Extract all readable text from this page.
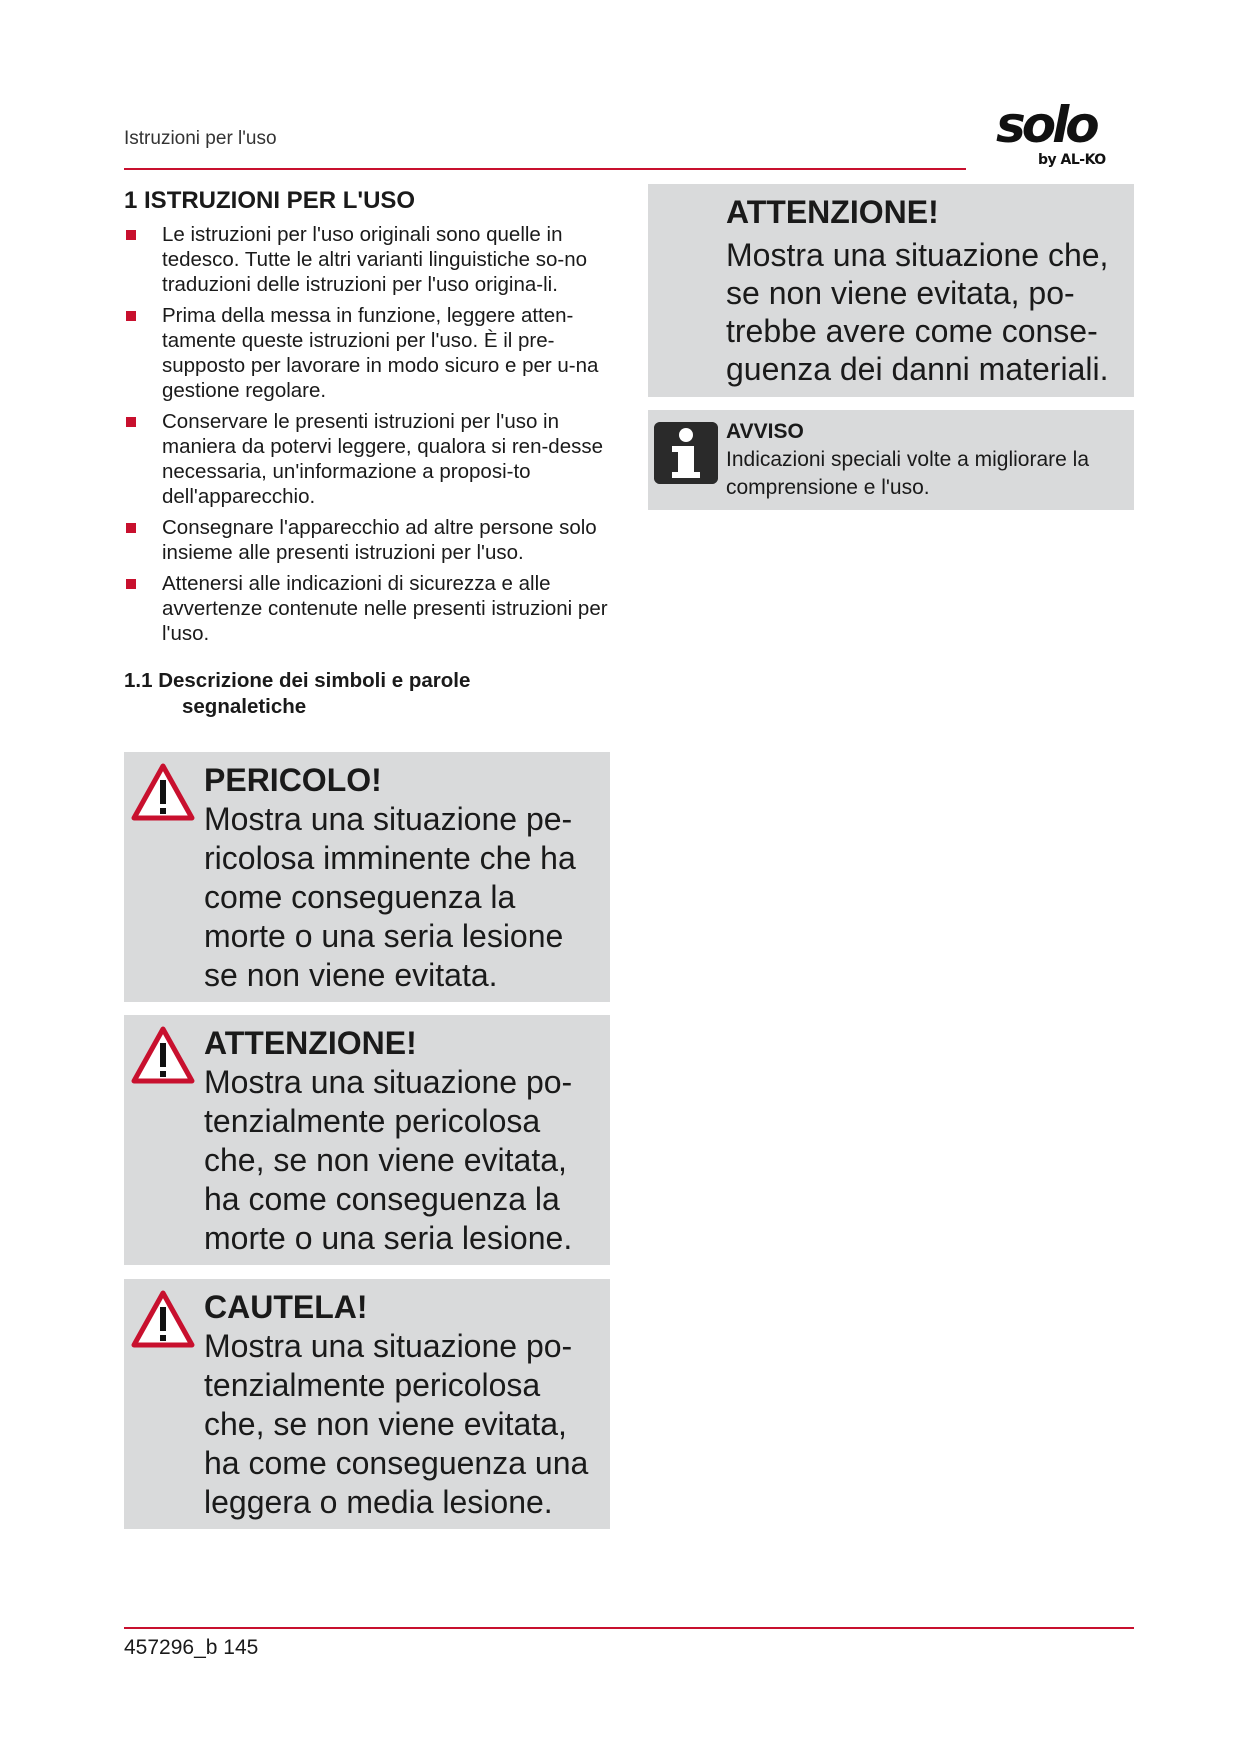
Istruzioni per l'uso	solo
by AL-KO
1 ISTRUZIONI PER L'USO
Le istruzioni per l'uso originali sono quelle in tedesco. Tutte le altri varianti linguistiche so-no traduzioni delle istruzioni per l'uso origina-li.
Prima della messa in funzione, leggere atten-tamente queste istruzioni per l'uso. È il pre-supposto per lavorare in modo sicuro e per u-na gestione regolare.
Conservare le presenti istruzioni per l'uso in maniera da potervi leggere, qualora si ren-desse necessaria, un'informazione a proposi-to dell'apparecchio.
Consegnare l'apparecchio ad altre persone solo insieme alle presenti istruzioni per l'uso.
Attenersi alle indicazioni di sicurezza e alle avvertenze contenute nelle presenti istruzioni per l'uso.
1.1 Descrizione dei simboli e parole
segnaletiche
PERICOLO!
Mostra una situazione pe-ricolosa imminente che ha come conseguenza la morte o una seria lesione se non viene evitata.
ATTENZIONE!
Mostra una situazione po-tenzialmente pericolosa che, se non viene evitata, ha come conseguenza la morte o una seria lesione.
CAUTELA!
Mostra una situazione po-tenzialmente pericolosa che, se non viene evitata, ha come conseguenza una leggera o media lesione.
ATTENZIONE!
Mostra una situazione che, se non viene evitata, po-trebbe avere come conse-guenza dei danni materiali.
AVVISO
Indicazioni speciali volte a migliorare la comprensione e l'uso.
457296_b 145
